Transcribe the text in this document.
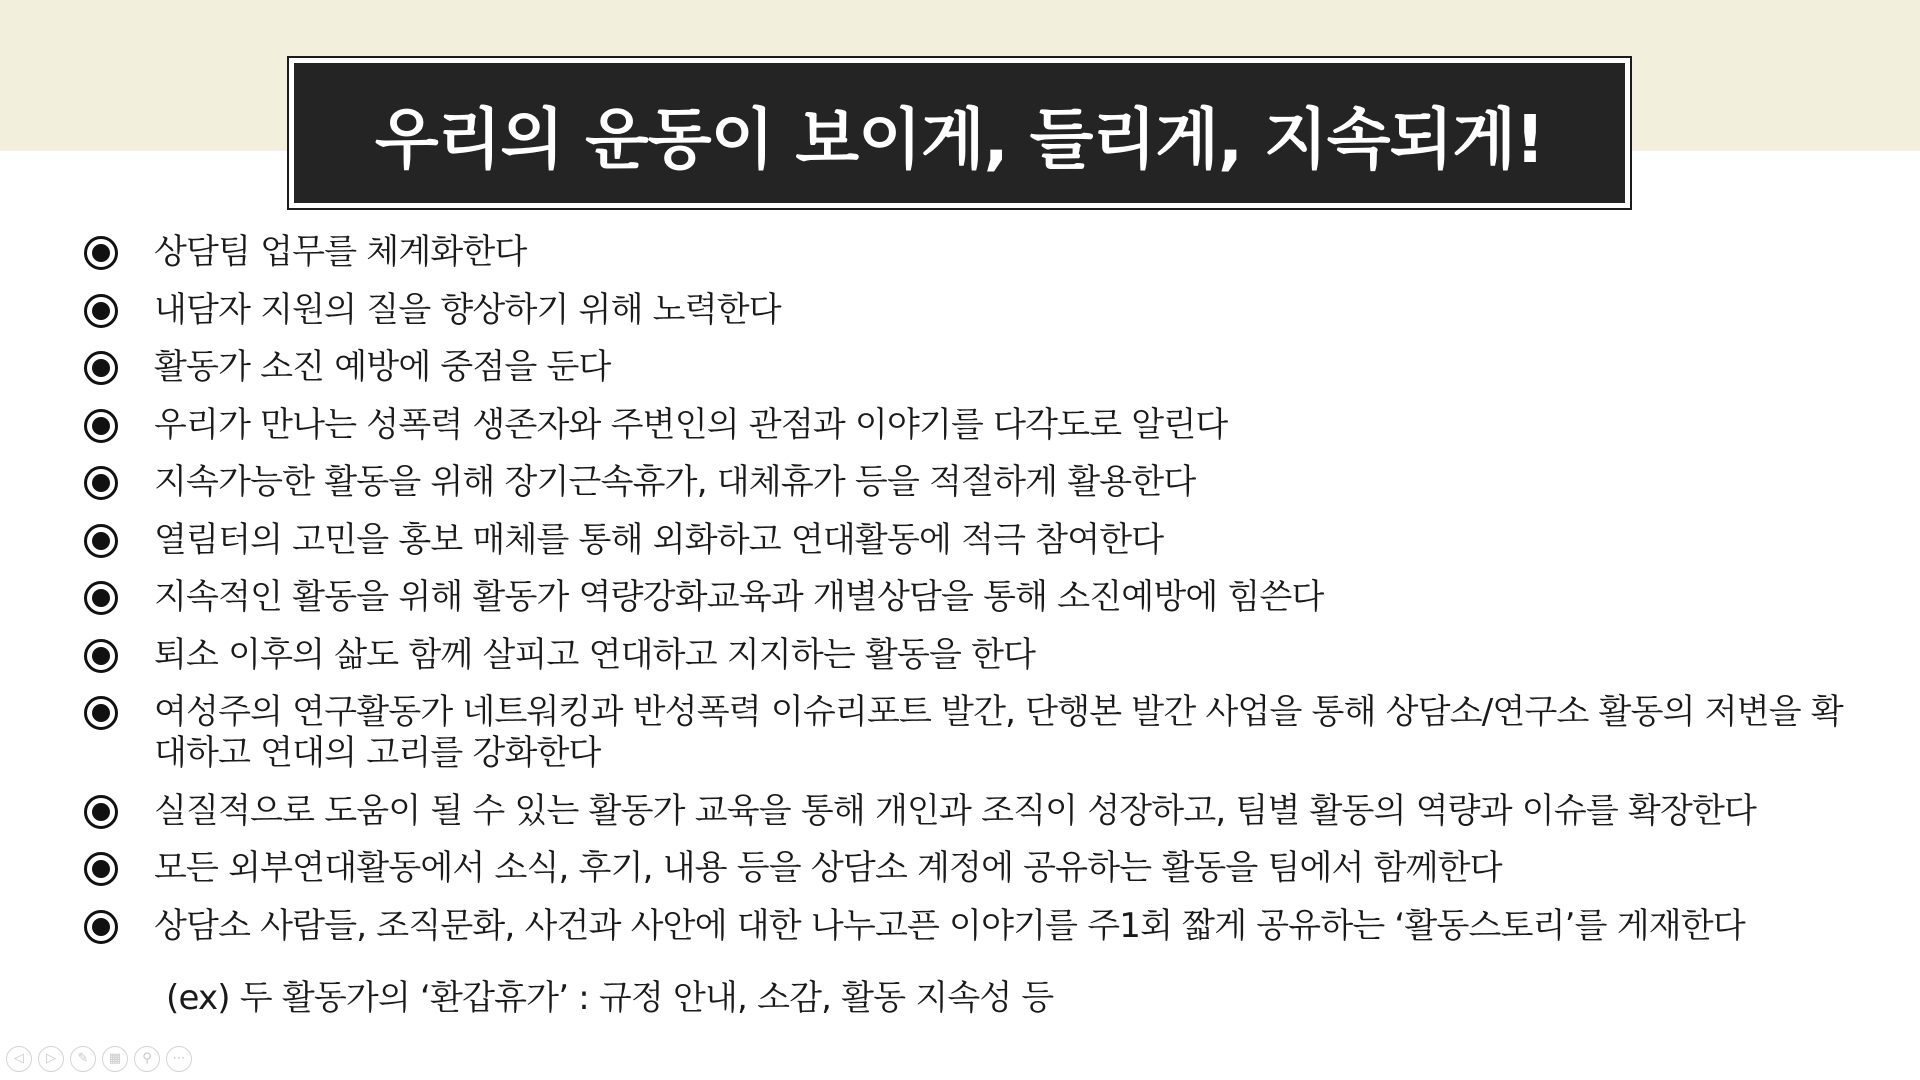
우리의 운동이 보이게, 들리게, 지속되게!
상담팀 업무를 체계화한다
내담자 지원의 질을 향상하기 위해 노력한다
활동가 소진 예방에 중점을 둔다
우리가 만나는 성폭력 생존자와 주변인의 관점과 이야기를 다각도로 알린다
지속가능한 활동을 위해 장기근속휴가, 대체휴가 등을 적절하게 활용한다
열림터의 고민을 홍보 매체를 통해 외화하고 연대활동에 적극 참여한다
지속적인 활동을 위해 활동가 역량강화교육과 개별상담을 통해 소진예방에 힘쓴다
퇴소 이후의 삶도 함께 살피고 연대하고 지지하는 활동을 한다
여성주의 연구활동가 네트워킹과 반성폭력 이슈리포트 발간, 단행본 발간 사업을 통해 상담소/연구소 활동의 저변을 확대하고 연대의 고리를 강화한다
실질적으로 도움이 될 수 있는 활동가 교육을 통해 개인과 조직이 성장하고, 팀별 활동의 역량과 이슈를 확장한다
모든 외부연대활동에서 소식, 후기, 내용 등을 상담소 계정에 공유하는 활동을 팀에서 함께한다
상담소 사람들, 조직문화, 사건과 사안에 대한 나누고픈 이야기를 주1회 짧게 공유하는 ‘활동스토리’를 게재한다
(ex) 두 활동가의 ‘환갑휴가’ : 규정 안내, 소감, 활동 지속성 등
◁	▷	✎	▦	⚲	⋯
